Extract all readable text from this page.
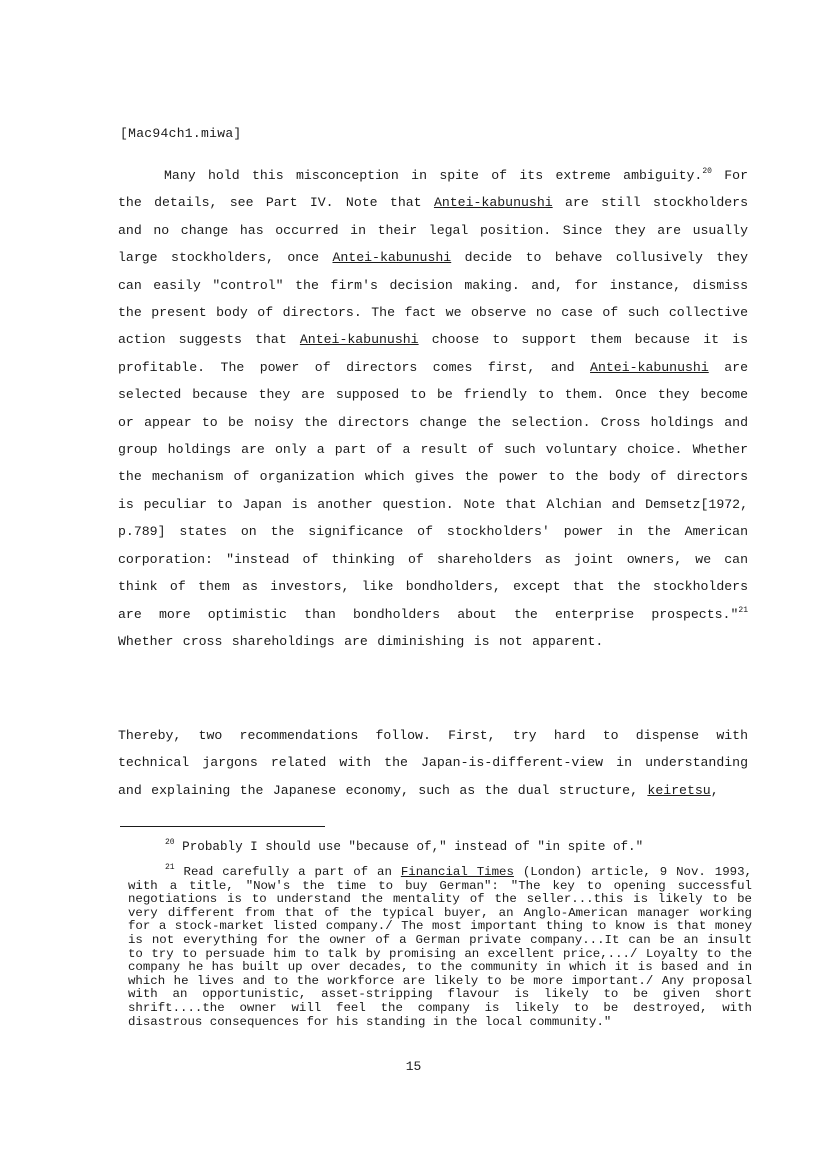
[Mac94ch1.miwa]
Many hold this misconception in spite of its extreme ambiguity.$^{20}$ For the details, see Part IV. Note that Antei-kabunushi are still stockholders and no change has occurred in their legal position. Since they are usually large stockholders, once Antei-kabunushi decide to behave collusively they can easily "control" the firm's decision making. and, for instance, dismiss the present body of directors. The fact we observe no case of such collective action suggests that Antei-kabunushi choose to support them because it is profitable. The power of directors comes first, and Antei-kabunushi are selected because they are supposed to be friendly to them. Once they become or appear to be noisy the directors change the selection. Cross holdings and group holdings are only a part of a result of such voluntary choice. Whether the mechanism of organization which gives the power to the body of directors is peculiar to Japan is another question. Note that Alchian and Demsetz[1972, p.789] states on the significance of stockholders' power in the American corporation: "instead of thinking of shareholders as joint owners, we can think of them as investors, like bondholders, except that the stockholders are more optimistic than bondholders about the enterprise prospects."$^{21}$ Whether cross shareholdings are diminishing is not apparent.
Thereby, two recommendations follow. First, try hard to dispense with technical jargons related with the Japan-is-different-view in understanding and explaining the Japanese economy, such as the dual structure, keiretsu,
$^{20}$ Probably I should use "because of," instead of "in spite of."
$^{21}$ Read carefully a part of an Financial Times (London) article, 9 Nov. 1993, with a title, "Now's the time to buy German": "The key to opening successful negotiations is to understand the mentality of the seller...this is likely to be very different from that of the typical buyer, an Anglo-American manager working for a stock-market listed company./ The most important thing to know is that money is not everything for the owner of a German private company...It can be an insult to try to persuade him to talk by promising an excellent price,.../ Loyalty to the company he has built up over decades, to the community in which it is based and in which he lives and to the workforce are likely to be more important./ Any proposal with an opportunistic, asset-stripping flavour is likely to be given short shrift....the owner will feel the company is likely to be destroyed, with disastrous consequences for his standing in the local community."
15
